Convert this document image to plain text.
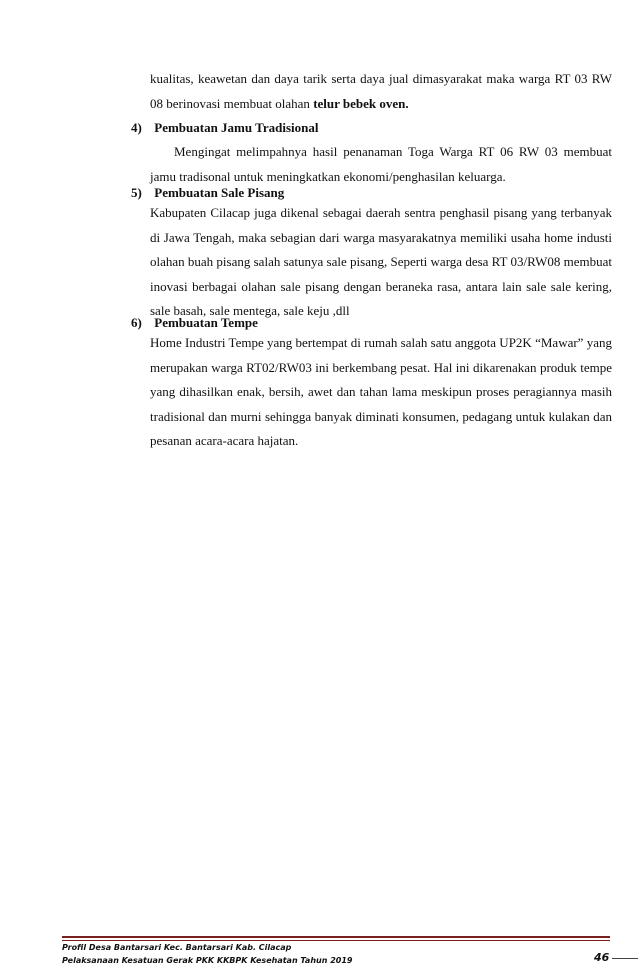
kualitas, keawetan dan daya tarik serta daya jual dimasyarakat maka warga RT 03 RW 08 berinovasi membuat olahan telur bebek oven.
4) Pembuatan Jamu Tradisional
Mengingat melimpahnya hasil penanaman Toga Warga RT 06 RW 03 membuat jamu tradisonal untuk meningkatkan ekonomi/penghasilan keluarga.
5) Pembuatan Sale Pisang
Kabupaten Cilacap juga dikenal sebagai daerah sentra penghasil pisang yang terbanyak di Jawa Tengah, maka sebagian dari warga masyarakatnya memiliki usaha home industi olahan buah pisang salah satunya sale pisang, Seperti warga desa RT 03/RW08 membuat inovasi berbagai olahan sale pisang dengan beraneka rasa, antara lain sale sale kering, sale basah, sale mentega, sale keju ,dll
6) Pembuatan Tempe
Home Industri Tempe yang bertempat di rumah salah satu anggota UP2K “Mawar” yang merupakan warga RT02/RW03 ini berkembang pesat. Hal ini dikarenakan produk tempe yang dihasilkan enak, bersih, awet dan tahan lama meskipun proses peragiannya masih tradisional dan murni sehingga banyak diminati konsumen, pedagang untuk kulakan dan pesanan acara-acara hajatan.
Profil Desa Bantarsari Kec. Bantarsari Kab. Cilacap
Pelaksanaan Kesatuan Gerak PKK KKBPK Kesehatan Tahun 2019	46
